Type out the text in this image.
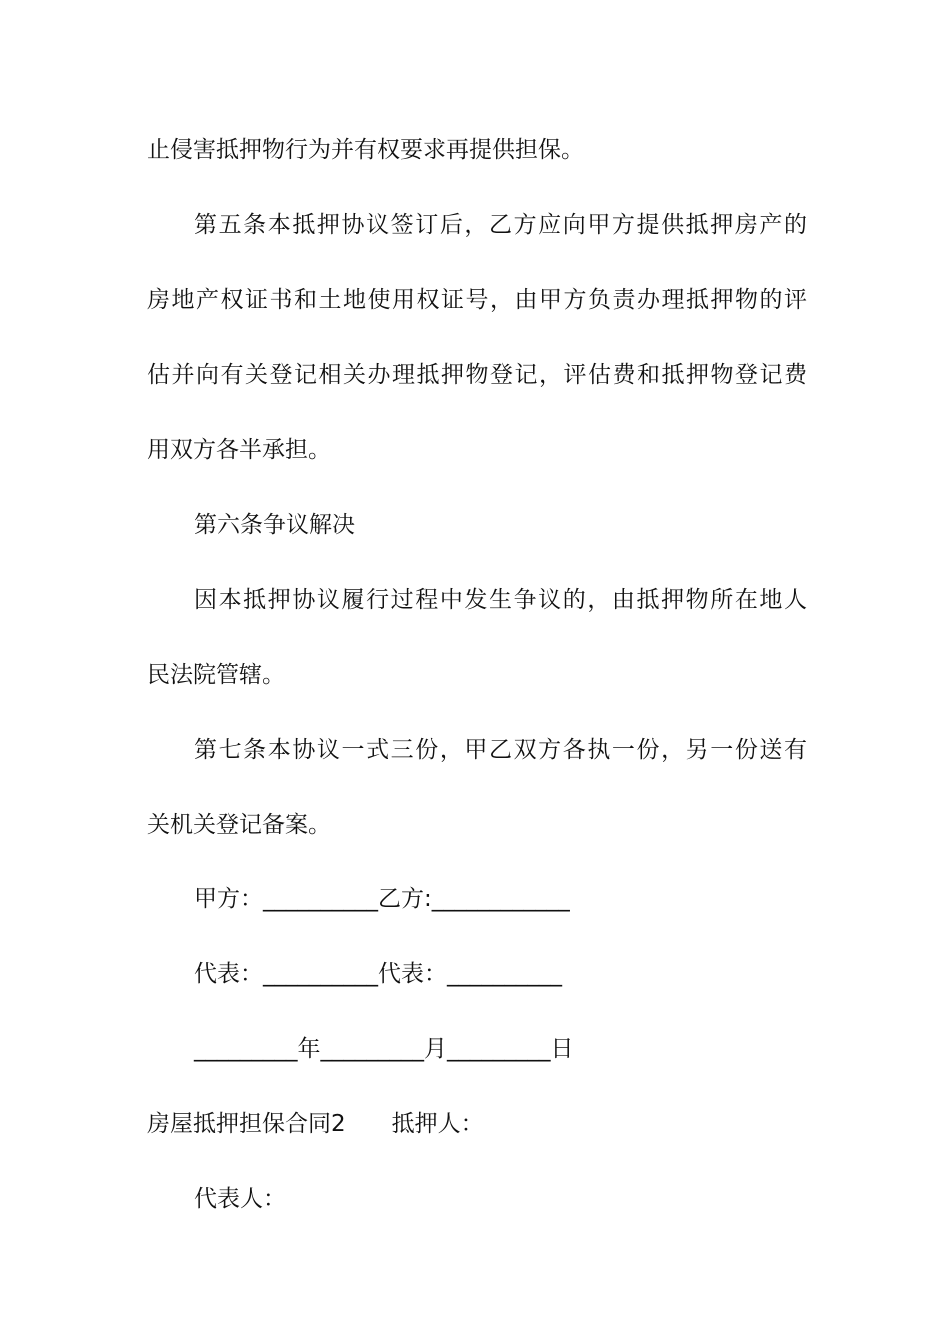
止侵害抵押物行为并有权要求再提供担保。
第五条本抵押协议签订后，乙方应向甲方提供抵押房产的
房地产权证书和土地使用权证号，由甲方负责办理抵押物的评
估并向有关登记相关办理抵押物登记，评估费和抵押物登记费
用双方各半承担。
第六条争议解决
因本抵押协议履行过程中发生争议的，由抵押物所在地人
民法院管辖。
第七条本协议一式三份，甲乙双方各执一份，另一份送有
关机关登记备案。
甲方：__________乙方:____________
代表：__________代表：__________
_________年_________月_________日
房屋抵押担保合同2　　抵押人：
代表人：
